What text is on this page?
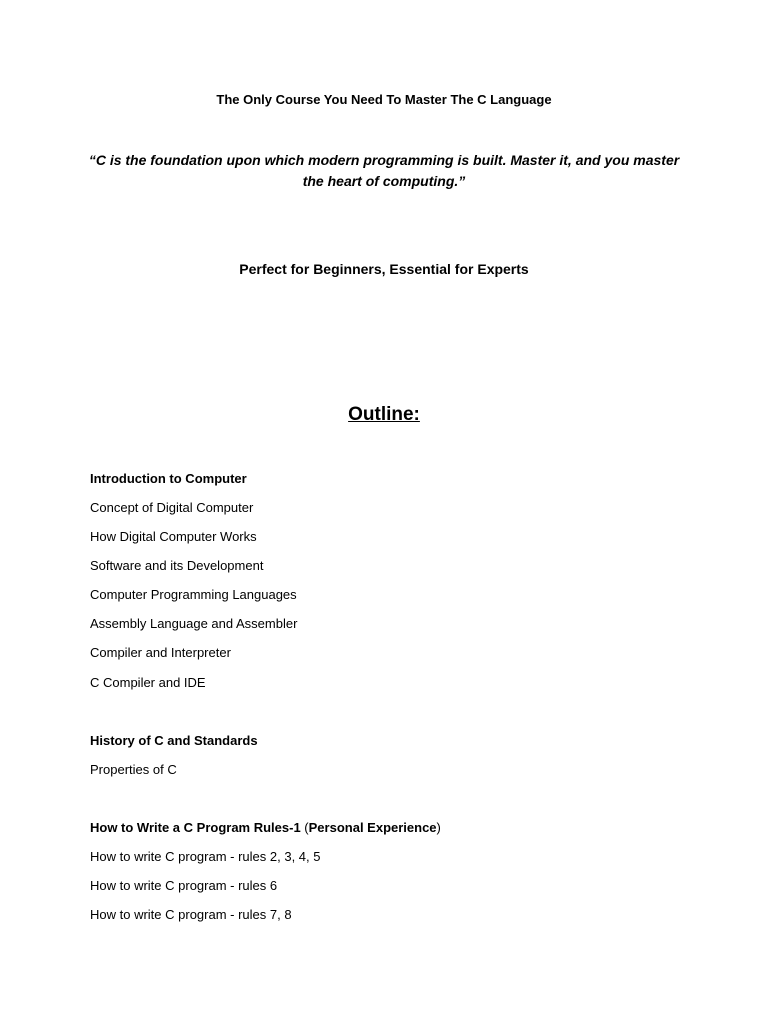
The Only Course You Need To Master The C Language
“C is the foundation upon which modern programming is built. Master it, and you master the heart of computing.”
Perfect for Beginners, Essential for Experts
Outline:
Introduction to Computer
Concept of Digital Computer
How Digital Computer Works
Software and its Development
Computer Programming Languages
Assembly Language and Assembler
Compiler and Interpreter
C Compiler and IDE
History of C and Standards
Properties of C
How to Write a C Program Rules-1 (Personal Experience)
How to write C program - rules 2, 3, 4, 5
How to write C program - rules 6
How to write C program - rules 7, 8
